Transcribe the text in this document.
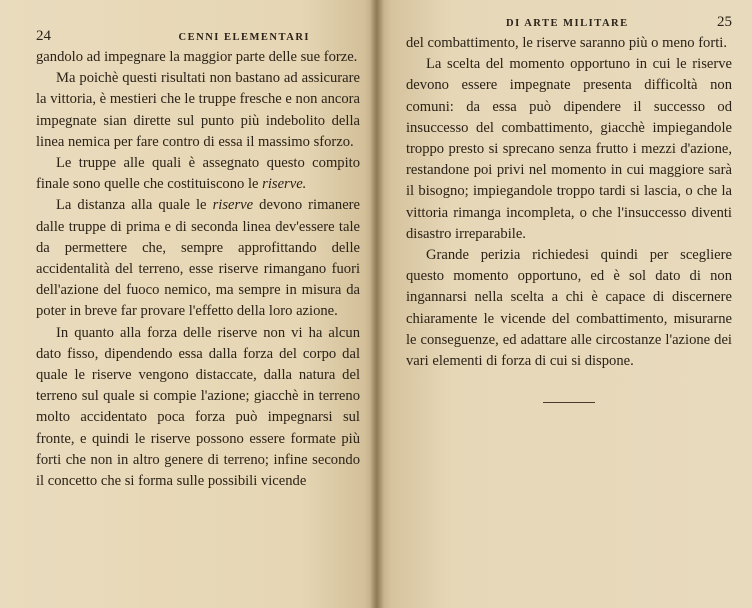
24	CENNI ELEMENTARI

gandolo ad impegnare la maggior parte delle sue forze.

Ma poichè questi risultati non bastano ad assicurare la vittoria, è mestieri che le truppe fresche e non ancora impegnate sian dirette sul punto più indebolito della linea nemica per fare contro di essa il massimo sforzo.

Le truppe alle quali è assegnato questo compito finale sono quelle che costituiscono le riserve.

La distanza alla quale le riserve devono rimanere dalle truppe di prima e di seconda linea dev'essere tale da permettere che, sempre approfittando delle accidentalità del terreno, esse riserve rimangano fuori dell'azione del fuoco nemico, ma sempre in misura da poter in breve far provare l'effetto della loro azione.

In quanto alla forza delle riserve non vi ha alcun dato fisso, dipendendo essa dalla forza del corpo dal quale le riserve vengono distaccate, dalla natura del terreno sul quale si compie l'azione; giacchè in terreno molto accidentato poca forza può impegnarsi sul fronte, e quindi le riserve possono essere formate più forti che non in altro genere di terreno; infine secondo il concetto che si forma sulle possibili vicende

DI ARTE MILITARE	25

del combattimento, le riserve saranno più o meno forti.

La scelta del momento opportuno in cui le riserve devono essere impegnate presenta difficoltà non comuni: da essa può dipendere il successo od insuccesso del combattimento, giacchè impiegandole troppo presto si sprecano senza frutto i mezzi d'azione, restandone poi privi nel momento in cui maggiore sarà il bisogno; impiegandole troppo tardi si lascia, o che la vittoria rimanga incompleta, o che l'insuccesso diventi disastro irreparabile.

Grande perizia richiedesi quindi per scegliere questo momento opportuno, ed è sol dato di non ingannarsi nella scelta a chi è capace di discernere chiaramente le vicende del combattimento, misurarne le conseguenze, ed adattare alle circostanze l'azione dei vari elementi di forza di cui si dispone.
